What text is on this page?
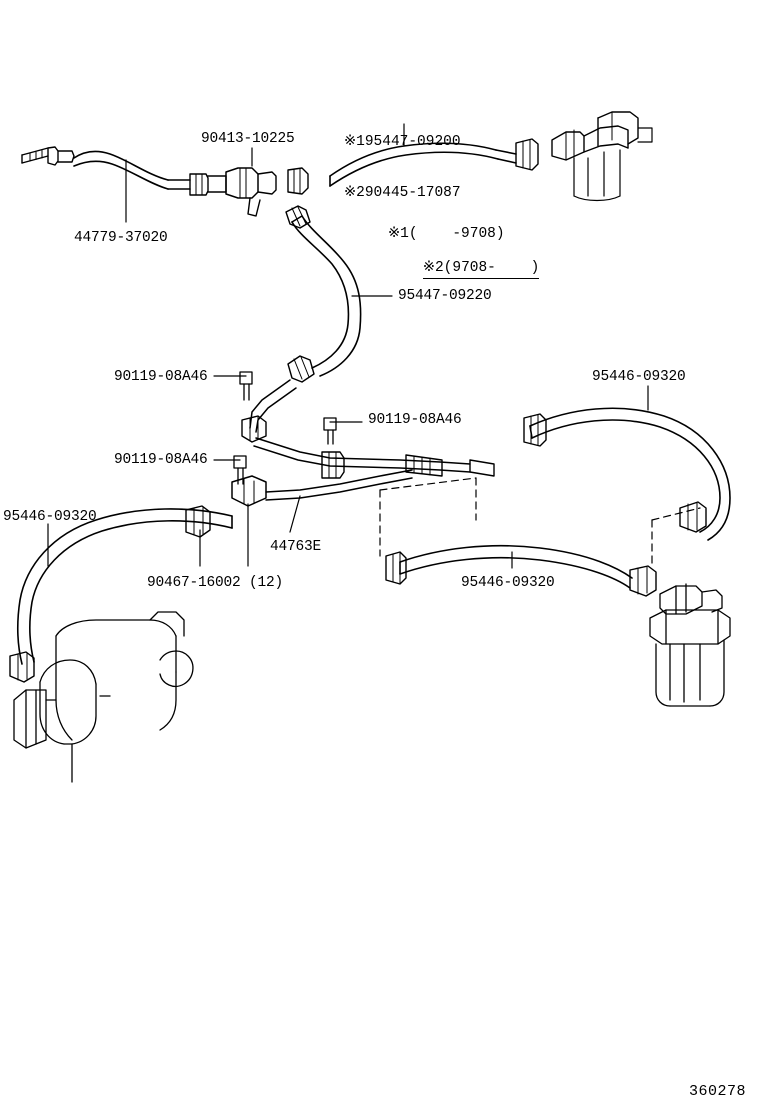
※195447-09200

※290445-17087

※1(    -9708)

※2(9708-    )

90413-10225
44779-37020
95447-09220
90119-08A46
90119-08A46
90119-08A46
95446-09320
95446-09320
95446-09320
44763E
90467-16002 (12)
360278
